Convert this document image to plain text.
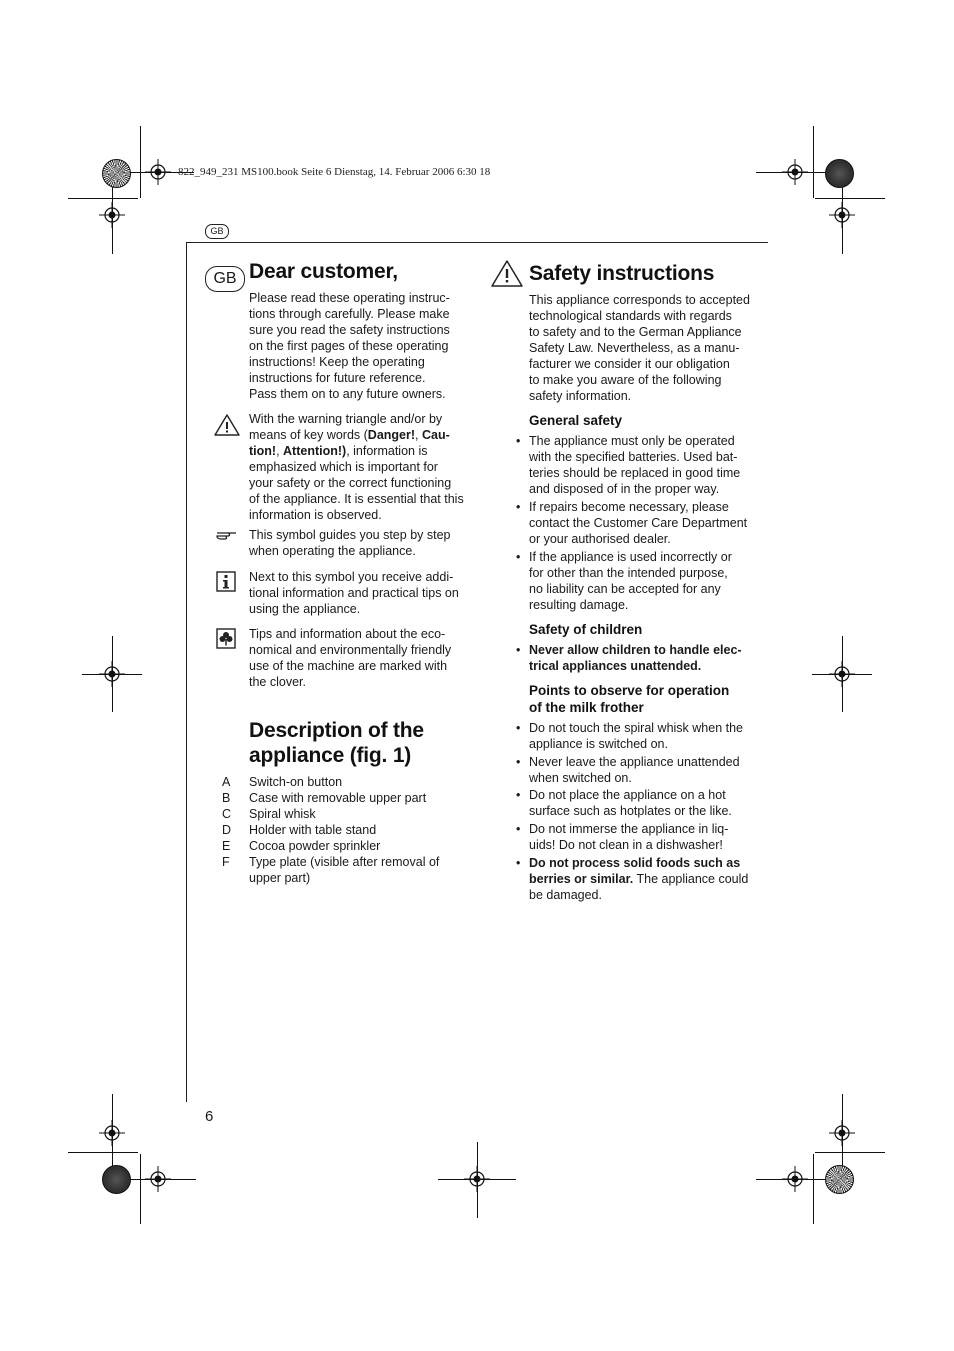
822_949_231 MS100.book Seite 6 Dienstag, 14. Februar 2006 6:30 18
GB
GB Dear customer,
Please read these operating instruc-
tions through carefully. Please make
sure you read the safety instructions
on the first pages of these operating
instructions! Keep the operating
instructions for future reference.
Pass them on to any future owners.
With the warning triangle and/or by
means of key words (Danger!, Cau-
tion!, Attention!), information is
emphasized which is important for
your safety or the correct functioning
of the appliance. It is essential that this
information is observed.
This symbol guides you step by step
when operating the appliance.
Next to this symbol you receive addi-
tional information and practical tips on
using the appliance.
Tips and information about the eco-
nomical and environmentally friendly
use of the machine are marked with
the clover.
Description of the
appliance (fig. 1)
A Switch-on button
B Case with removable upper part
C Spiral whisk
D Holder with table stand
E Cocoa powder sprinkler
F Type plate (visible after removal of
upper part)
Safety instructions
This appliance corresponds to accepted
technological standards with regards
to safety and to the German Appliance
Safety Law. Nevertheless, as a manu-
facturer we consider it our obligation
to make you aware of the following
safety information.
General safety
• The appliance must only be operated
with the specified batteries. Used bat-
teries should be replaced in good time
and disposed of in the proper way.
• If repairs become necessary, please
contact the Customer Care Department
or your authorised dealer.
• If the appliance is used incorrectly or
for other than the intended purpose,
no liability can be accepted for any
resulting damage.
Safety of children
• Never allow children to handle elec-
trical appliances unattended.
Points to observe for operation
of the milk frother
• Do not touch the spiral whisk when the
appliance is switched on.
• Never leave the appliance unattended
when switched on.
• Do not place the appliance on a hot
surface such as hotplates or the like.
• Do not immerse the appliance in liq-
uids! Do not clean in a dishwasher!
• Do not process solid foods such as
berries or similar. The appliance could
be damaged.
6
